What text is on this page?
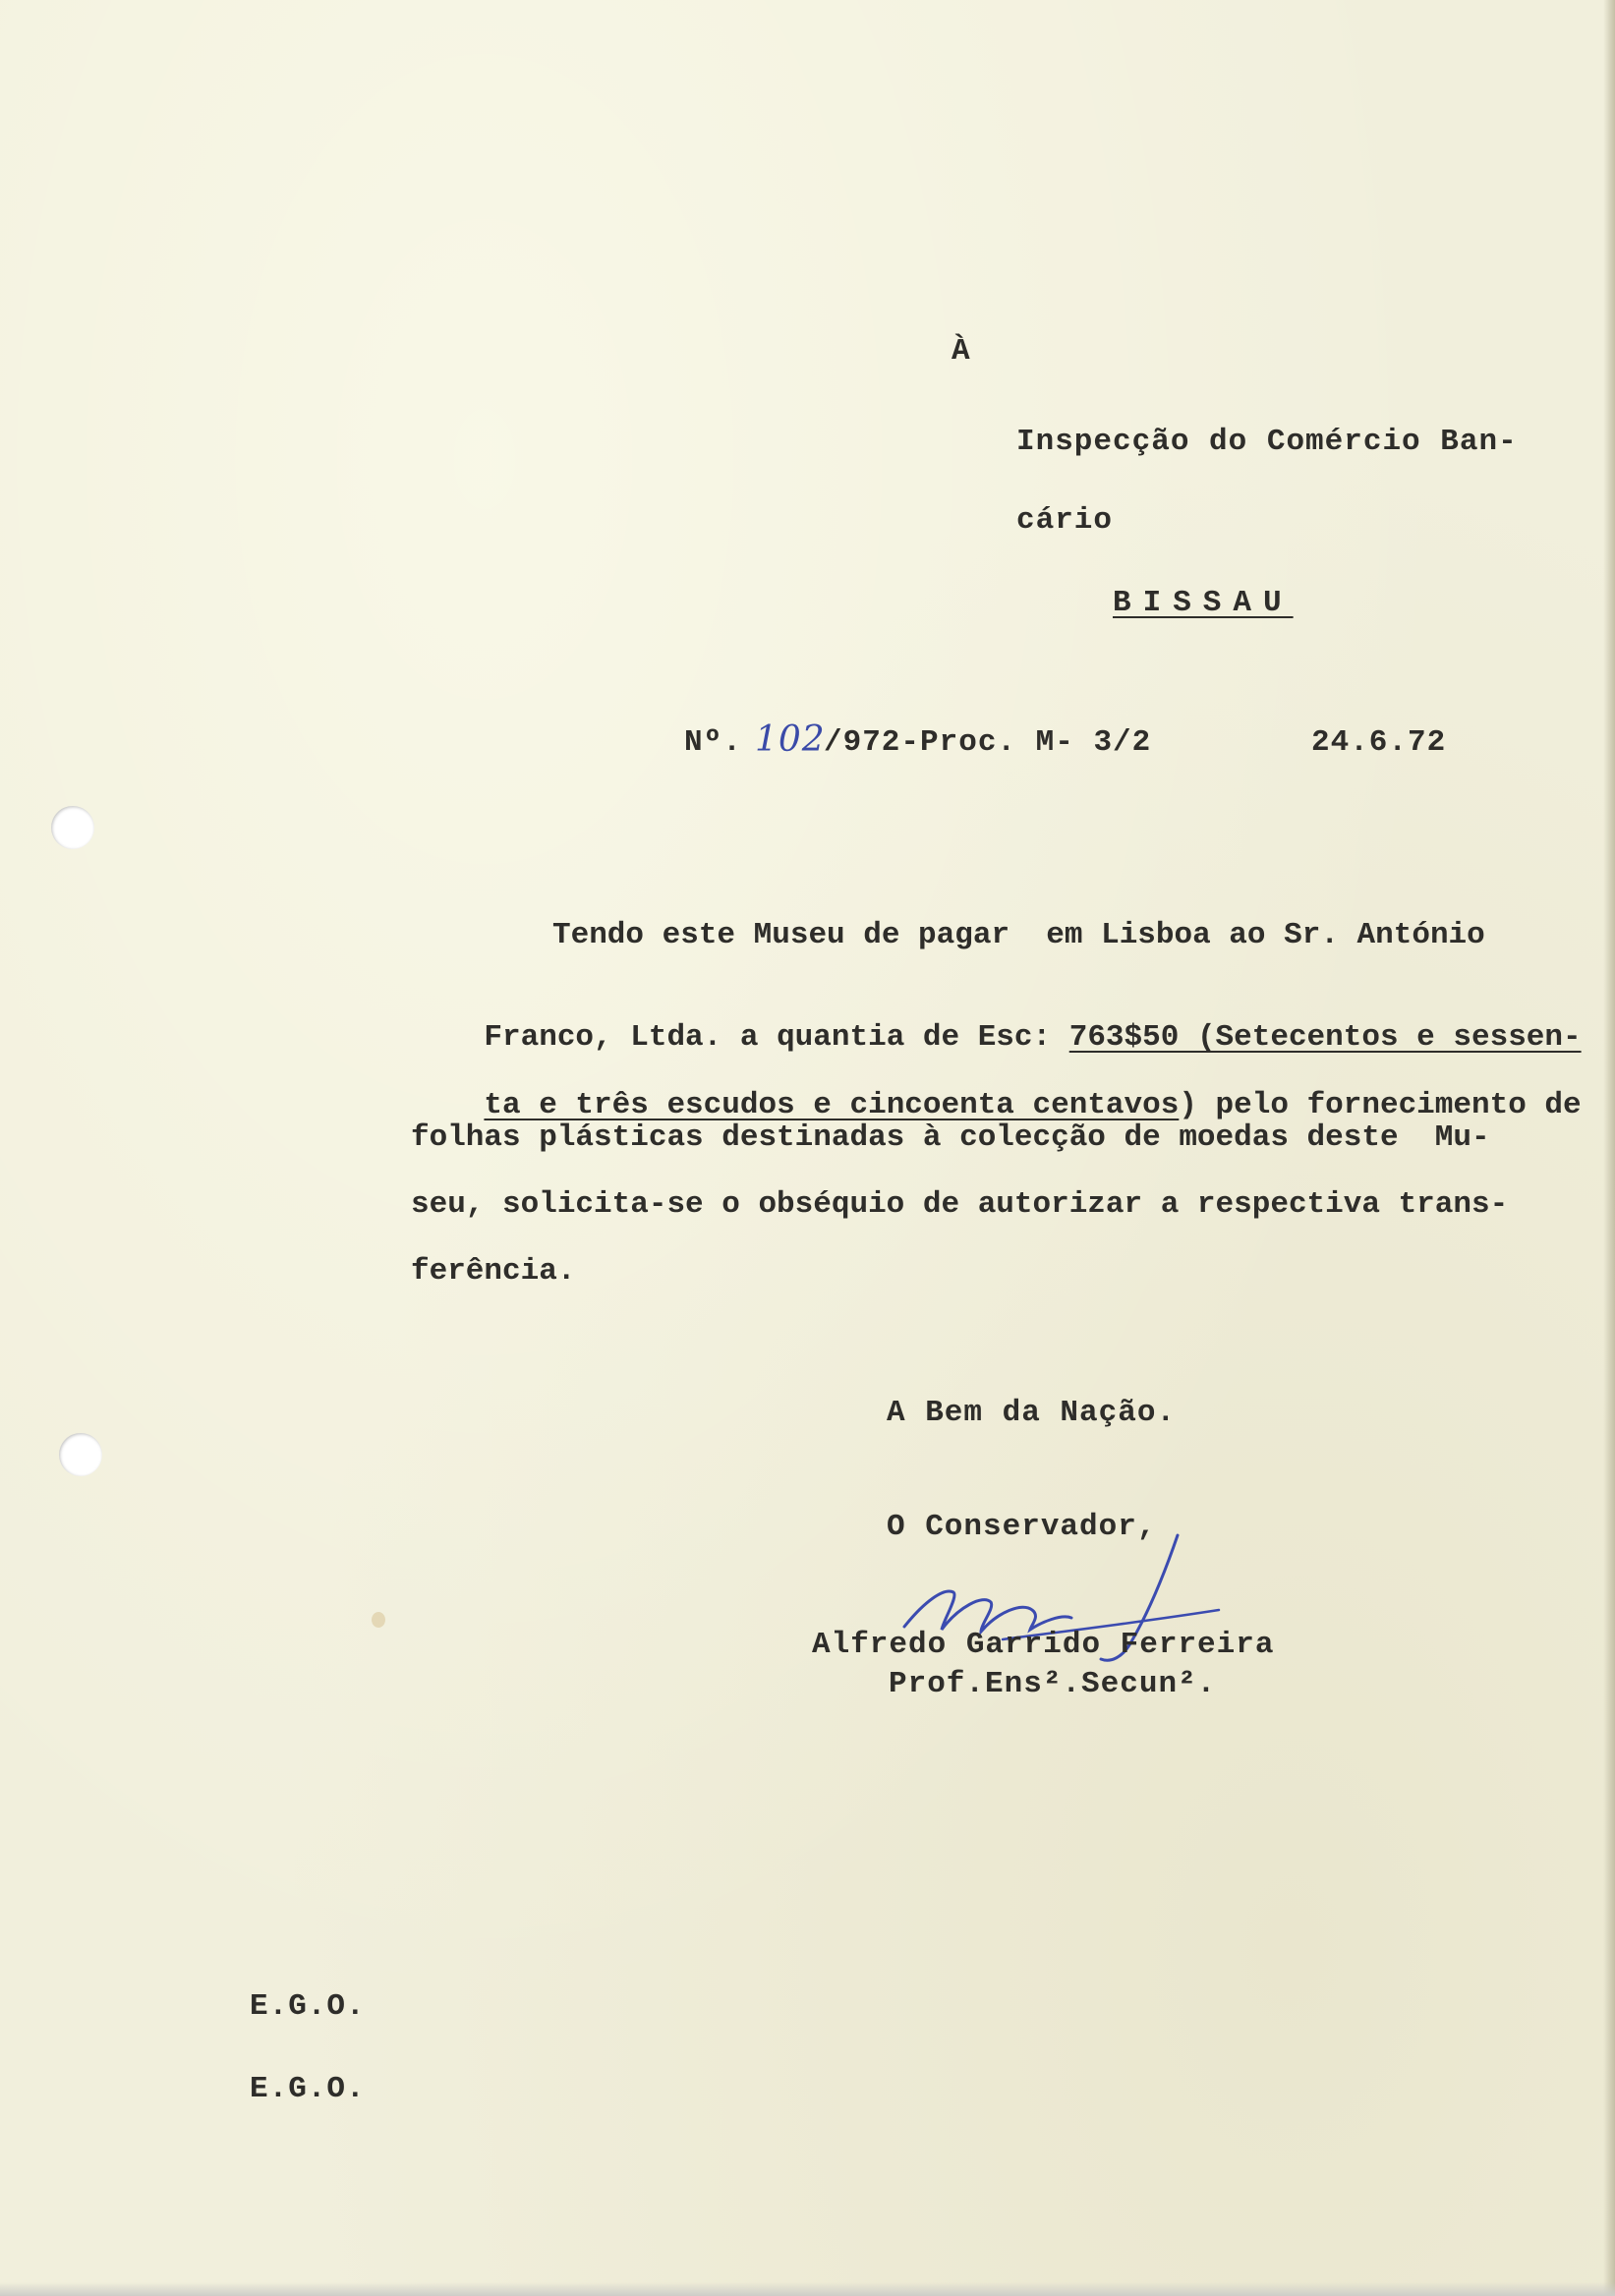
À
Inspecção do Comércio Ban-
cário
BISSAU
Nº. 102
/972-Proc. M- 3/2	24.6.72
Tendo este Museu de pagar  em Lisboa ao Sr. António

Franco, Ltda. a quantia de Esc: 763$50 (Setecentos e sessen-

ta e três escudos e cincoenta centavos) pelo fornecimento de

folhas plásticas destinadas à colecção de moedas deste  Mu-
seu, solicita-se o obséquio de autorizar a respectiva trans-
ferência.
A Bem da Nação.
O Conservador,
Alfredo Garrido Ferreira
Prof.Ens².Secun².
E.G.O.
E.G.O.
